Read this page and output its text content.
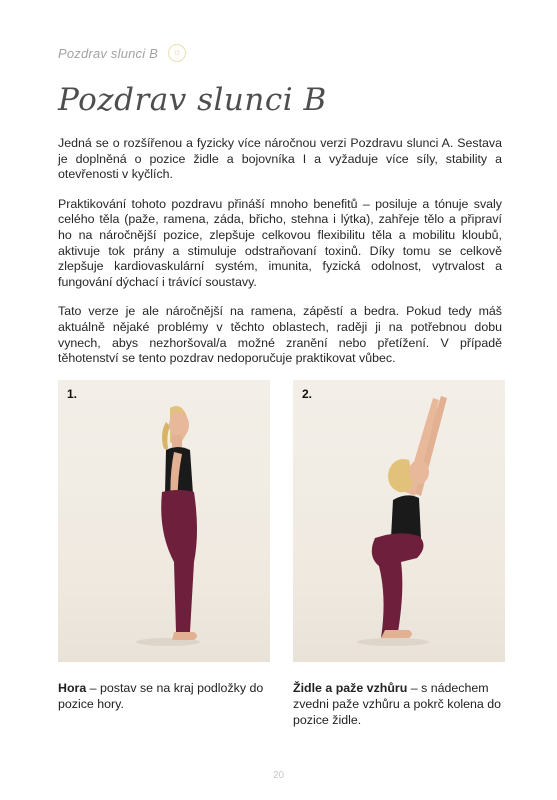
Pozdrav slunci B	☼
Pozdrav slunci B

Jedná se o rozšířenou a fyzicky více náročnou verzi Pozdravu slunci A. Sestava je doplněná o pozice židle a bojovníka I a vyžaduje více síly, stability a otevřenosti v kyčlích.

Praktikování tohoto pozdravu přináší mnoho benefitů – posiluje a tónuje svaly celého těla (paže, ramena, záda, břicho, stehna i lýtka), zahřeje tělo a připraví ho na náročnější pozice, zlepšuje celkovou flexibilitu těla a mobilitu kloubů, aktivuje tok prány a stimuluje odstraňovaní toxinů. Díky tomu se celkově zlepšuje kardiovaskulární systém, imunita, fyzická odolnost, vytrvalost a fungování dýchací i trávící soustavy.

Tato verze je ale náročnější na ramena, zápěstí a bedra. Pokud tedy máš aktuálně nějaké problémy v těchto oblastech, raději ji na potřebnou dobu vynech, abys nezhoršoval/a možné zranění nebo přetížení. V případě těhotenství se tento pozdrav nedoporučuje praktikovat vůbec.

1.	2.
Hora – postav se na kraj podložky do pozice hory.
Židle a paže vzhůru – s nádechem zvedni paže vzhůru a pokrč kolena do pozice židle.
20
